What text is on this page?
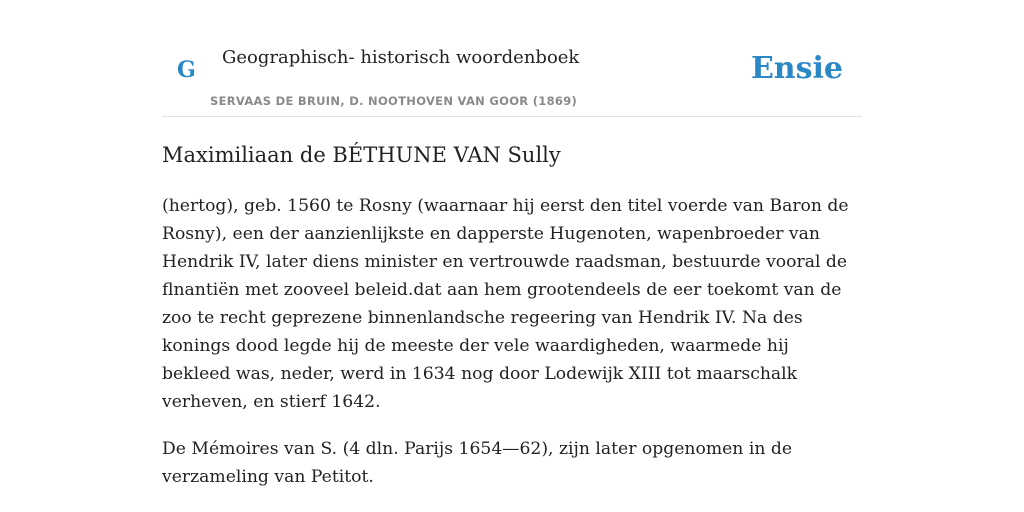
G Geographisch- historisch woordenboek
SERVAAS DE BRUIN, D. NOOTHOVEN VAN GOOR (1869)
Ensie
Maximiliaan de BÉTHUNE VAN Sully

(hertog), geb. 1560 te Rosny (waarnaar hij eerst den titel voerde van Baron de Rosny), een der aanzienlijkste en dapperste Hugenoten, wapenbroeder van Hendrik IV, later diens minister en vertrouwde raadsman, bestuurde vooral de flnantiën met zooveel beleid.dat aan hem grootendeels de eer toekomt van de zoo te recht geprezene binnenlandsche regeering van Hendrik IV. Na des konings dood legde hij de meeste der vele waardigheden, waarmede hij bekleed was, neder, werd in 1634 nog door Lodewijk XIII tot maarschalk verheven, en stierf 1642.

De Mémoires van S. (4 dln. Parijs 1654—62), zijn later opgenomen in de verzameling van Petitot.
